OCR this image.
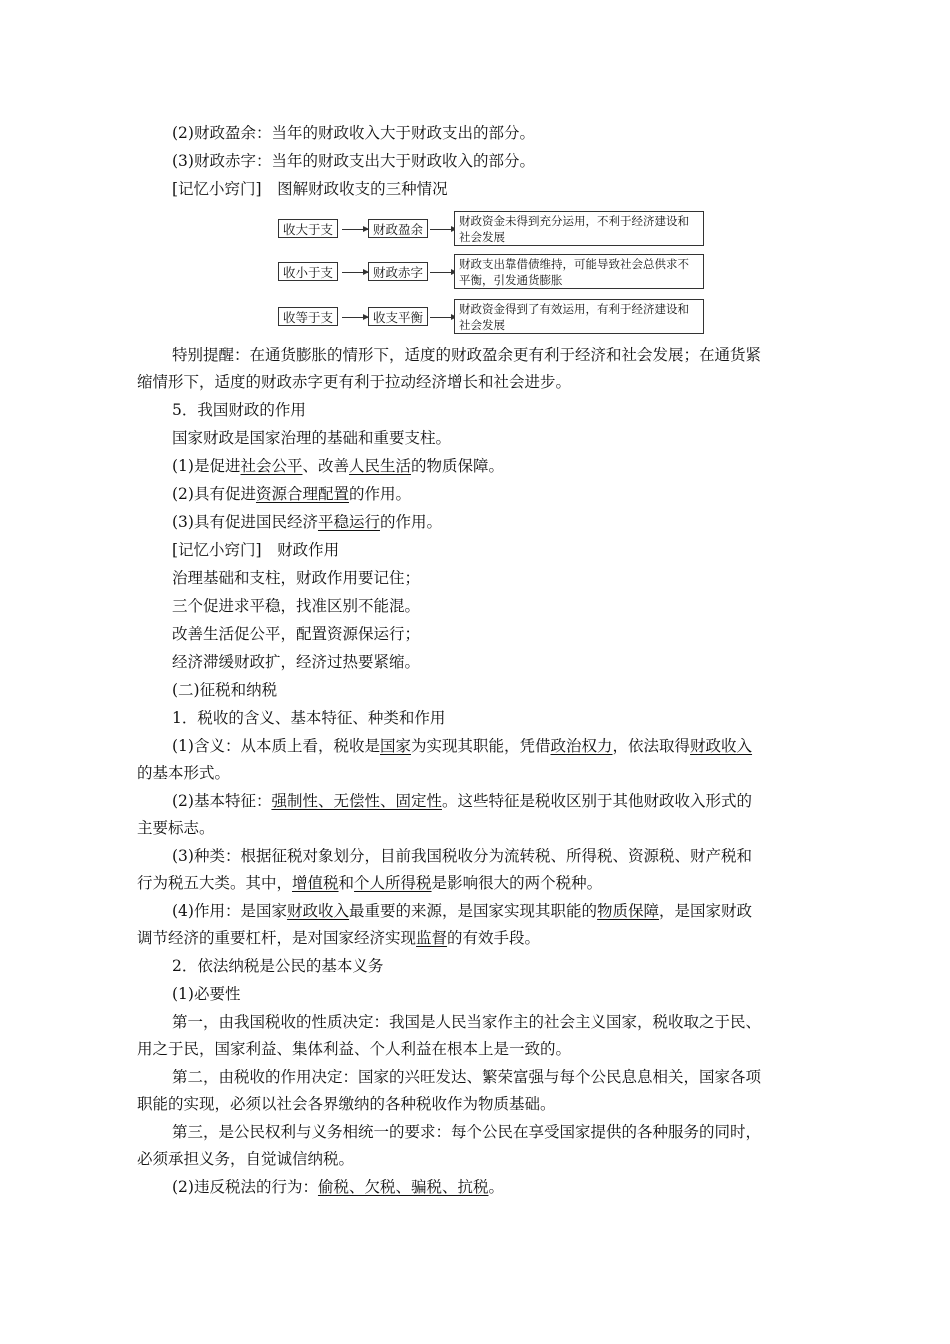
(2)财政盈余：当年的财政收入大于财政支出的部分。
(3)财政赤字：当年的财政支出大于财政收入的部分。
[记忆小窍门]　图解财政收支的三种情况
收大于支	财政盈余
财政资金未得到充分运用，不利于经济建设和社会发展
收小于支	财政赤字
财政支出靠借债维持，可能导致社会总供求不平衡，引发通货膨胀
收等于支	收支平衡
财政资金得到了有效运用，有利于经济建设和社会发展
特别提醒：在通货膨胀的情形下，适度的财政盈余更有利于经济和社会发展；在通货紧
缩情形下，适度的财政赤字更有利于拉动经济增长和社会进步。
5．我国财政的作用
国家财政是国家治理的基础和重要支柱。
(1)是促进社会公平、改善人民生活的物质保障。
(2)具有促进资源合理配置的作用。
(3)具有促进国民经济平稳运行的作用。
[记忆小窍门]　财政作用
治理基础和支柱，财政作用要记住；
三个促进求平稳，找准区别不能混。
改善生活促公平，配置资源保运行；
经济滞缓财政扩，经济过热要紧缩。
(二)征税和纳税
1．税收的含义、基本特征、种类和作用
(1)含义：从本质上看，税收是国家为实现其职能，凭借政治权力，依法取得财政收入
的基本形式。
(2)基本特征：强制性、无偿性、固定性。这些特征是税收区别于其他财政收入形式的
主要标志。
(3)种类：根据征税对象划分，目前我国税收分为流转税、所得税、资源税、财产税和
行为税五大类。其中，增值税和个人所得税是影响很大的两个税种。
(4)作用：是国家财政收入最重要的来源，是国家实现其职能的物质保障，是国家财政
调节经济的重要杠杆，是对国家经济实现监督的有效手段。
2．依法纳税是公民的基本义务
(1)必要性
第一，由我国税收的性质决定：我国是人民当家作主的社会主义国家，税收取之于民、
用之于民，国家利益、集体利益、个人利益在根本上是一致的。
第二，由税收的作用决定：国家的兴旺发达、繁荣富强与每个公民息息相关，国家各项
职能的实现，必须以社会各界缴纳的各种税收作为物质基础。
第三，是公民权利与义务相统一的要求：每个公民在享受国家提供的各种服务的同时，
必须承担义务，自觉诚信纳税。
(2)违反税法的行为：偷税、欠税、骗税、抗税。
